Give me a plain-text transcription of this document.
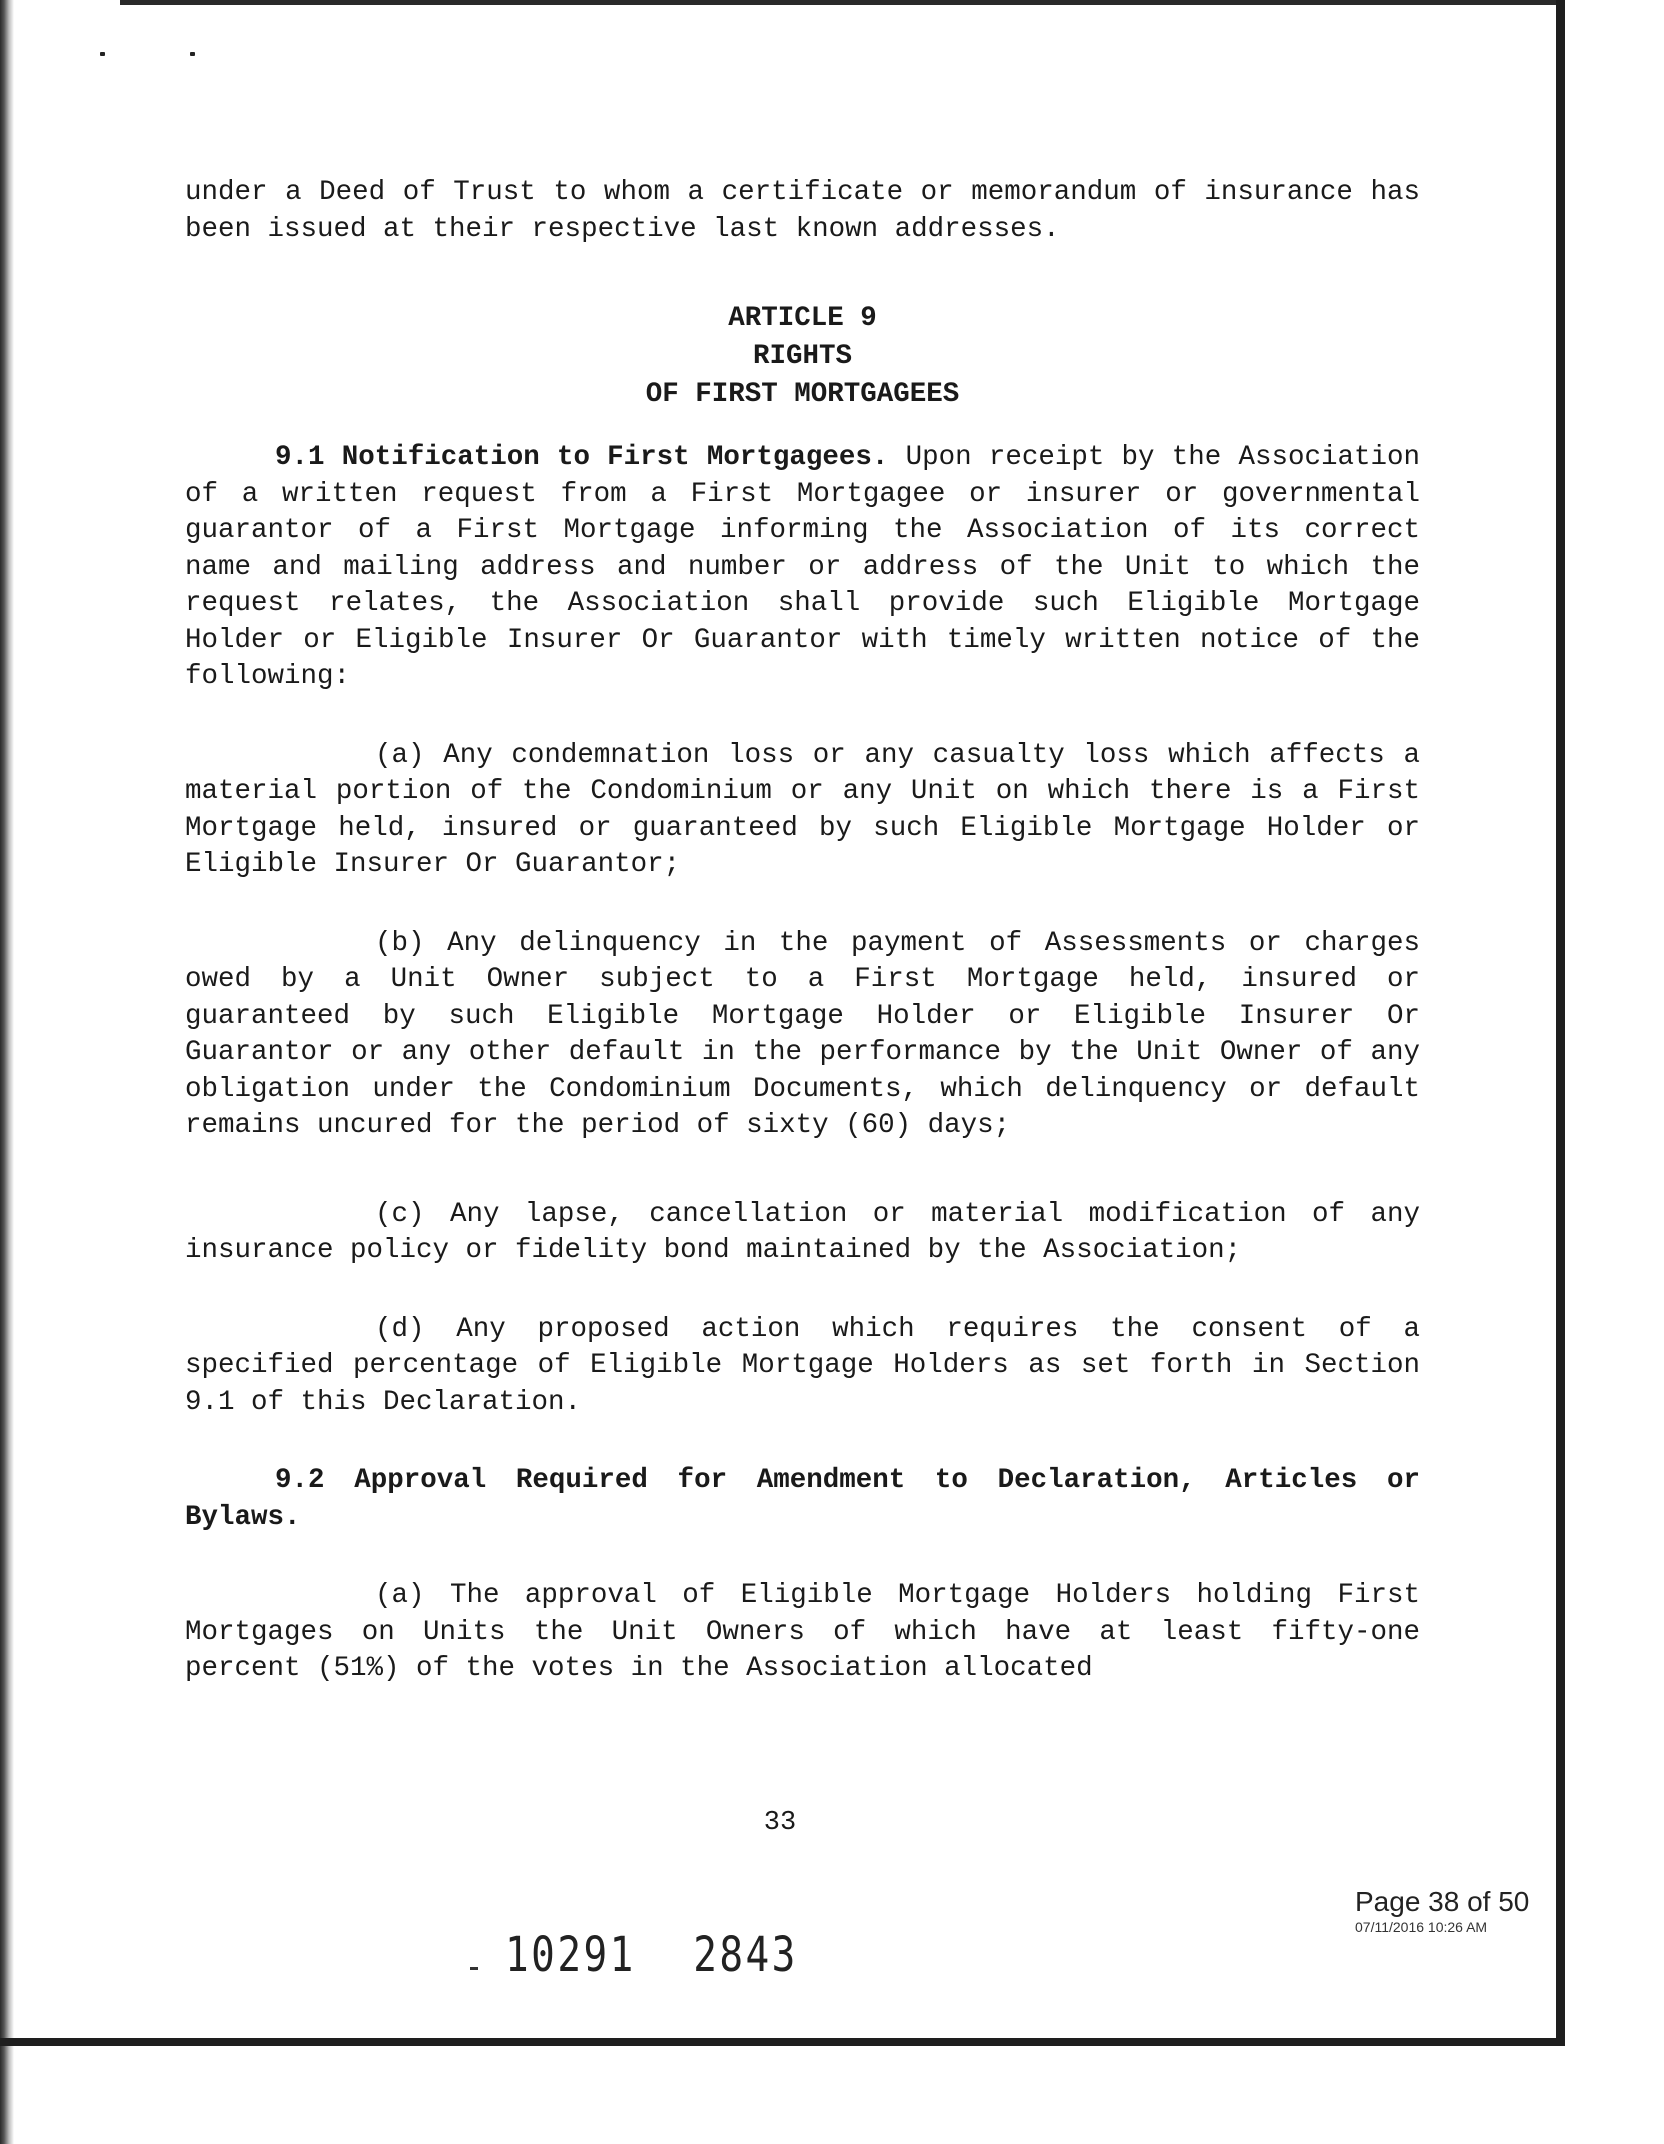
under a Deed of Trust to whom a certificate or memorandum of insurance has been issued at their respective last known addresses.

ARTICLE 9

RIGHTS

OF FIRST MORTGAGEES

9.1 Notification to First Mortgagees. Upon receipt by the Association of a written request from a First Mortgagee or insurer or governmental guarantor of a First Mortgage informing the Association of its correct name and mailing address and number or address of the Unit to which the request relates, the Association shall provide such Eligible Mortgage Holder or Eligible Insurer Or Guarantor with timely written notice of the following:

(a) Any condemnation loss or any casualty loss which affects a material portion of the Condominium or any Unit on which there is a First Mortgage held, insured or guaranteed by such Eligible Mortgage Holder or Eligible Insurer Or Guarantor;

(b) Any delinquency in the payment of Assessments or charges owed by a Unit Owner subject to a First Mortgage held, insured or guaranteed by such Eligible Mortgage Holder or Eligible Insurer Or Guarantor or any other default in the performance by the Unit Owner of any obligation under the Condominium Documents, which delinquency or default remains uncured for the period of sixty (60) days;

(c) Any lapse, cancellation or material modification of any insurance policy or fidelity bond maintained by the Association;

(d) Any proposed action which requires the consent of a specified percentage of Eligible Mortgage Holders as set forth in Section 9.1 of this Declaration.

9.2 Approval Required for Amendment to Declaration, Articles or Bylaws.

(a) The approval of Eligible Mortgage Holders holding First Mortgages on Units the Unit Owners of which have at least fifty-one percent (51%) of the votes in the Association allocated

33
Page 38 of 50
07/11/2016 10:26 AM
10291 2843
